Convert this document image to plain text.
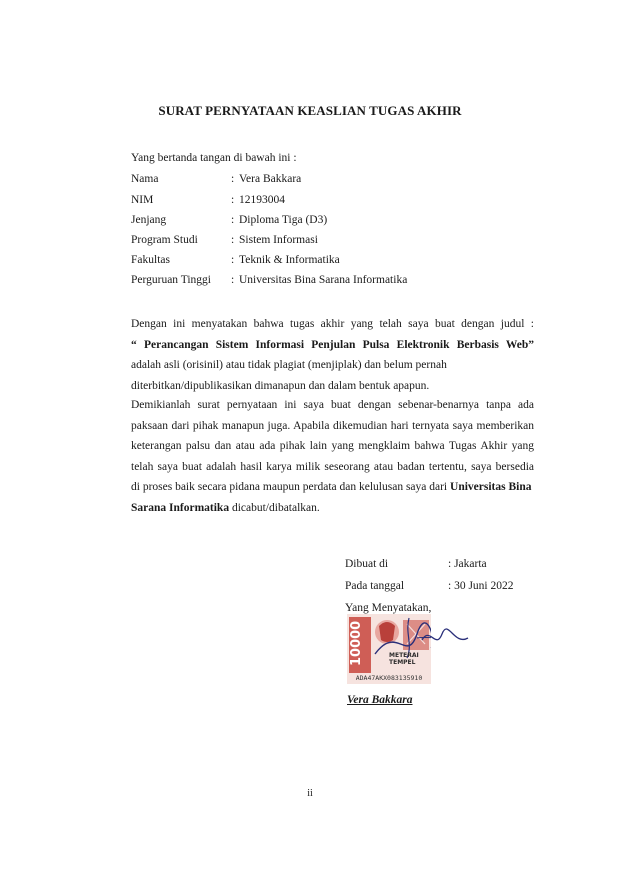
SURAT PERNYATAAN KEASLIAN TUGAS AKHIR
Yang bertanda tangan di bawah ini :
Nama	: Vera Bakkara
NIM	: 12193004
Jenjang	: Diploma Tiga (D3)
Program Studi	: Sistem Informasi
Fakultas	: Teknik & Informatika
Perguruan Tinggi : Universitas Bina Sarana Informatika
Dengan ini menyatakan bahwa tugas akhir yang telah saya buat dengan judul :
“ Perancangan Sistem Informasi Penjulan Pulsa Elektronik Berbasis Web”
adalah asli (orisinil) atau tidak plagiat (menjiplak) dan belum pernah
diterbitkan/dipublikasikan dimanapun dan dalam bentuk apapun.
Demikianlah surat pernyataan ini saya buat dengan sebenar-benarnya tanpa ada
paksaan dari pihak manapun juga. Apabila dikemudian hari ternyata saya memberikan
keterangan palsu dan atau ada pihak lain yang mengklaim bahwa Tugas Akhir yang
telah saya buat adalah hasil karya milik seseorang atau badan tertentu, saya bersedia
di proses baik secara pidana maupun perdata dan kelulusan saya dari Universitas Bina
Sarana Informatika dicabut/dibatalkan.
Dibuat di	: Jakarta
Pada tanggal	: 30 Juni 2022
Yang Menyatakan,
10000	METERAI
TEMPEL
ADA47AKX083135910
Vera Bakkara
ii
